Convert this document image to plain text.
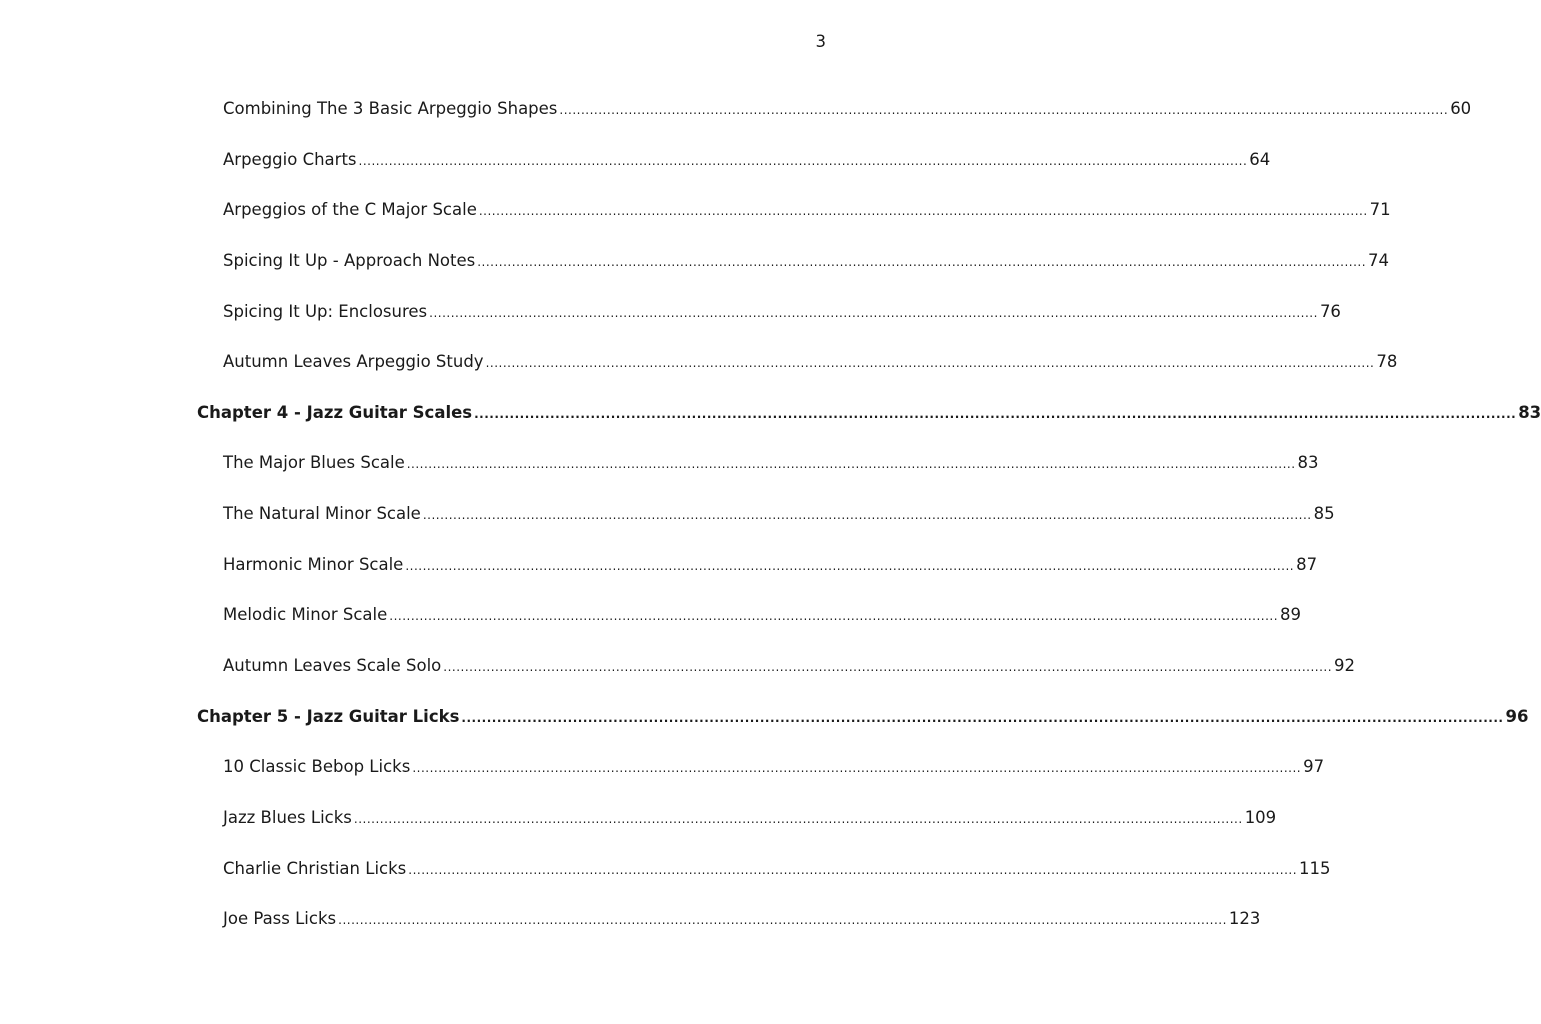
3
Combining The 3 Basic Arpeggio Shapes .............................................................................................................................................................................................................. 60
Arpeggio Charts .............................................................................................................................................................................................................. 64
Arpeggios of the C Major Scale .............................................................................................................................................................................................................. 71
Spicing It Up - Approach Notes .............................................................................................................................................................................................................. 74
Spicing It Up: Enclosures .............................................................................................................................................................................................................. 76
Autumn Leaves Arpeggio Study .............................................................................................................................................................................................................. 78
Chapter 4 - Jazz Guitar Scales .............................................................................................................................................................................................................. 83
The Major Blues Scale .............................................................................................................................................................................................................. 83
The Natural Minor Scale .............................................................................................................................................................................................................. 85
Harmonic Minor Scale .............................................................................................................................................................................................................. 87
Melodic Minor Scale .............................................................................................................................................................................................................. 89
Autumn Leaves Scale Solo .............................................................................................................................................................................................................. 92
Chapter 5 - Jazz Guitar Licks .............................................................................................................................................................................................................. 96
10 Classic Bebop Licks .............................................................................................................................................................................................................. 97
Jazz Blues Licks .............................................................................................................................................................................................................. 109
Charlie Christian Licks .............................................................................................................................................................................................................. 115
Joe Pass Licks .............................................................................................................................................................................................................. 123
